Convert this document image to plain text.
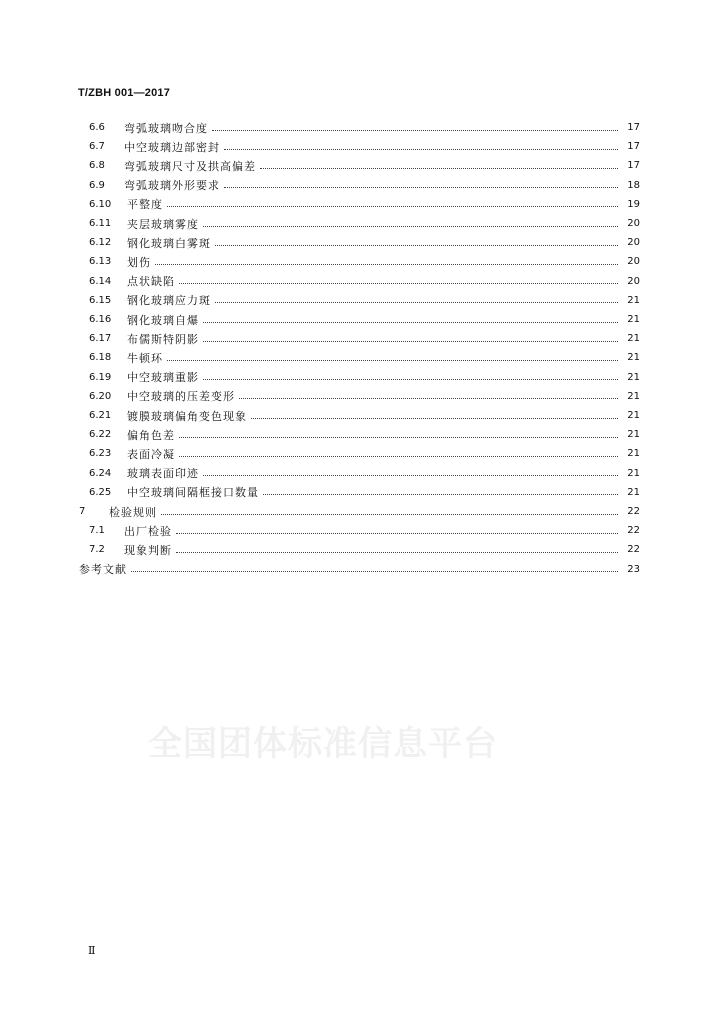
T/ZBH 001—2017
6.6	弯弧玻璃吻合度	17
6.7	中空玻璃边部密封	17
6.8	弯弧玻璃尺寸及拱高偏差	17
6.9	弯弧玻璃外形要求	18
6.10	平整度	19
6.11	夹层玻璃雾度	20
6.12	钢化玻璃白雾斑	20
6.13	划伤	20
6.14	点状缺陷	20
6.15	钢化玻璃应力斑	21
6.16	钢化玻璃自爆	21
6.17	布儒斯特阴影	21
6.18	牛顿环	21
6.19	中空玻璃重影	21
6.20	中空玻璃的压差变形	21
6.21	镀膜玻璃偏角变色现象	21
6.22	偏角色差	21
6.23	表面冷凝	21
6.24	玻璃表面印迹	21
6.25	中空玻璃间隔框接口数量	21
7	检验规则	22
7.1	出厂检验	22
7.2	现象判断	22
参考文献	23
全国团体标准信息平台
Ⅱ
